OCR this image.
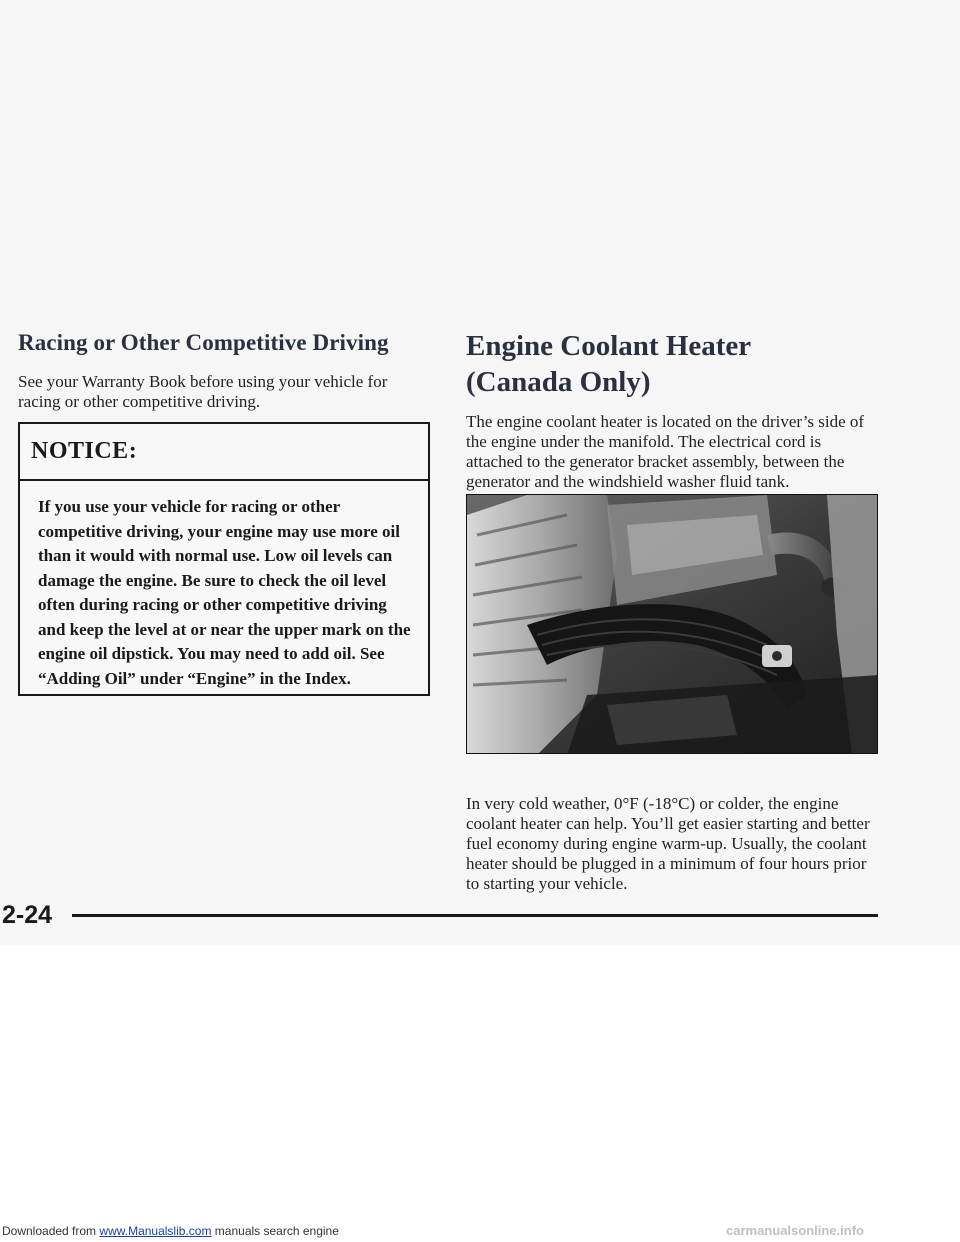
Racing or Other Competitive Driving

See your Warranty Book before using your vehicle for racing or other competitive driving.

NOTICE:

If you use your vehicle for racing or other competitive driving, your engine may use more oil than it would with normal use. Low oil levels can damage the engine. Be sure to check the oil level often during racing or other competitive driving and keep the level at or near the upper mark on the engine oil dipstick. You may need to add oil. See “Adding Oil” under “Engine” in the Index.

Engine Coolant Heater
(Canada Only)

The engine coolant heater is located on the driver’s side of the engine under the manifold. The electrical cord is attached to the generator bracket assembly, between the generator and the windshield washer fluid tank.

In very cold weather, 0°F (-18°C) or colder, the engine coolant heater can help. You’ll get easier starting and better fuel economy during engine warm-up. Usually, the coolant heater should be plugged in a minimum of four hours prior to starting your vehicle.

2-24
Downloaded from www.Manualslib.com manuals search engine	carmanualsonline.info
